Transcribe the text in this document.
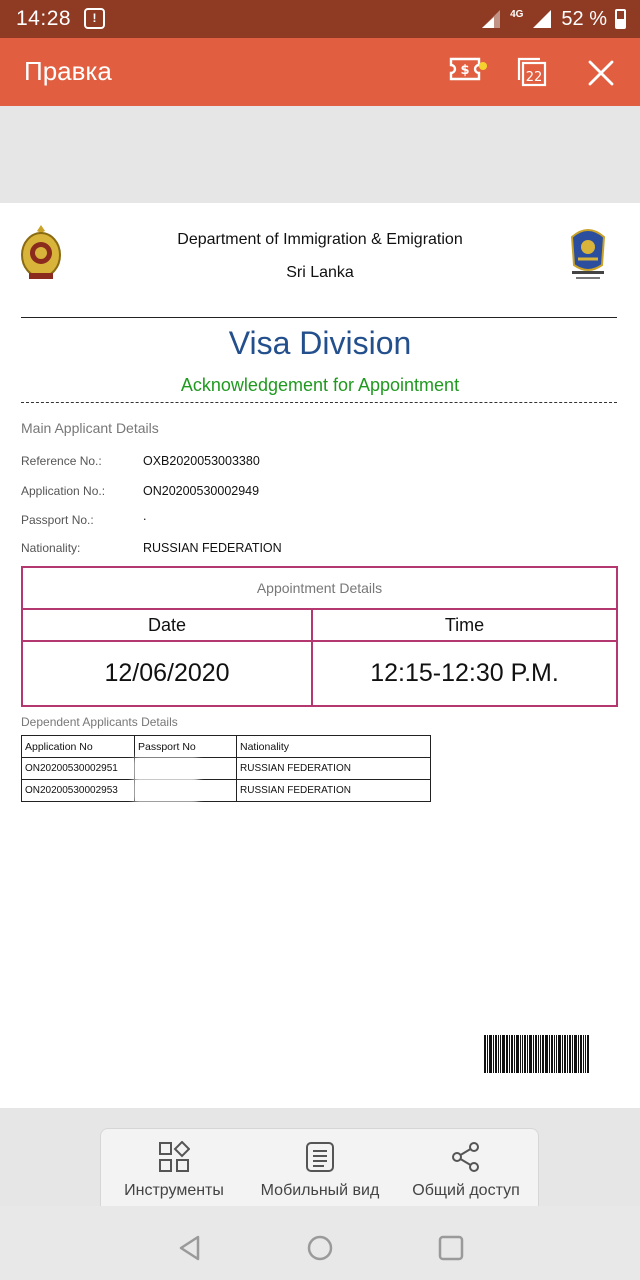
14:28	!	4G 52 %
Правка	$	22
Department of Immigration & Emigration
Sri Lanka
Visa Division
Acknowledgement for Appointment
Main Applicant Details
Reference No.:	OXB2020053003380
Application No.:	ON20200530002949
Passport No.:	.
Nationality:	RUSSIAN FEDERATION
Appointment Details
Date	Time
12/06/2020	12:15-12:30 P.M.
Dependent Applicants Details
Application No	Passport No	Nationality
ON20200530002951		RUSSIAN FEDERATION
ON20200530002953		RUSSIAN FEDERATION
Инструменты	Мобильный вид	Общий доступ
